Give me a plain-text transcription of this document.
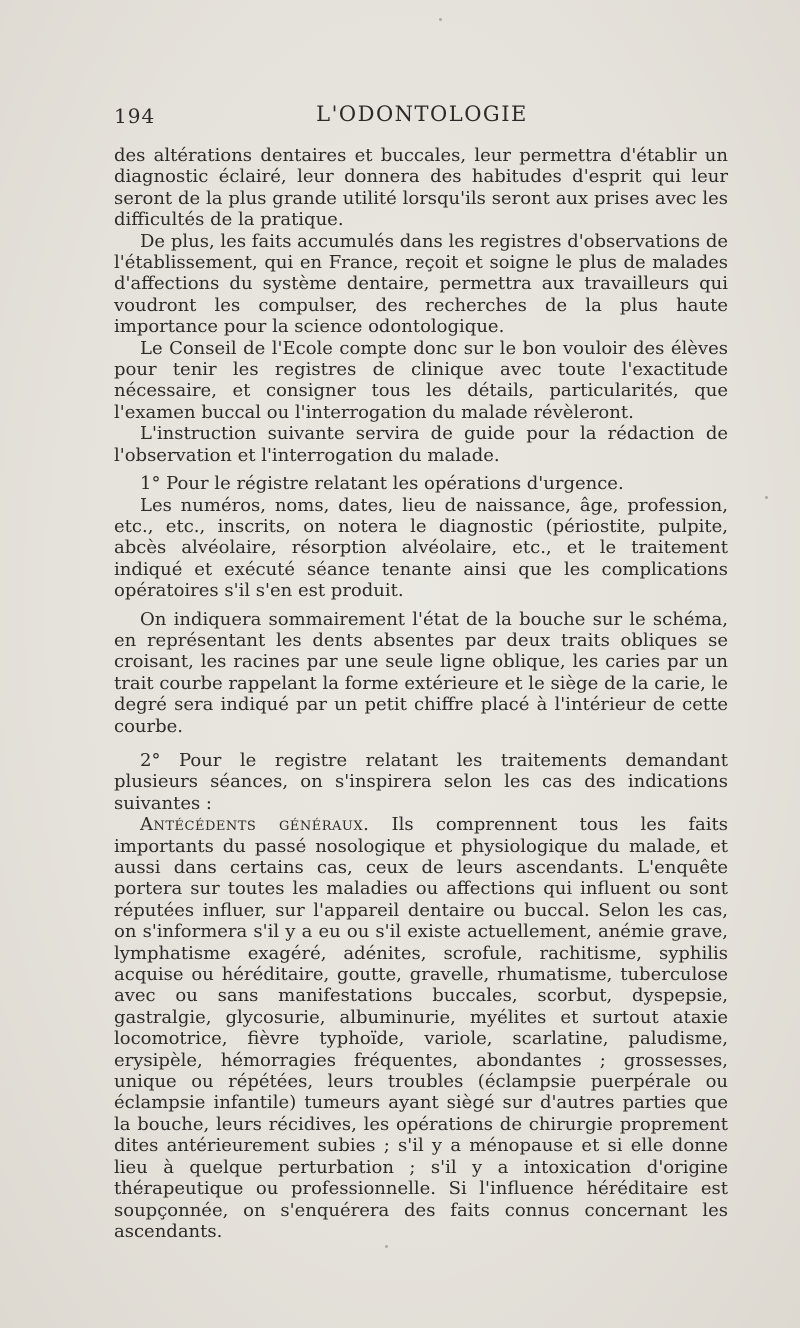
194	L'ODONTOLOGIE

des altérations dentaires et buccales, leur permettra d'établir un diagnostic éclairé, leur donnera des habitudes d'esprit qui leur seront de la plus grande utilité lorsqu'ils seront aux prises avec les difficultés de la pratique.

De plus, les faits accumulés dans les registres d'observations de l'établissement, qui en France, reçoit et soigne le plus de malades d'affections du système dentaire, permettra aux travailleurs qui voudront les compulser, des recherches de la plus haute importance pour la science odontologique.

Le Conseil de l'Ecole compte donc sur le bon vouloir des élèves pour tenir les registres de clinique avec toute l'exactitude nécessaire, et consigner tous les détails, particularités, que l'examen buccal ou l'interrogation du malade révèleront.

L'instruction suivante servira de guide pour la rédaction de l'observation et l'interrogation du malade.

1° Pour le régistre relatant les opérations d'urgence.

Les numéros, noms, dates, lieu de naissance, âge, profession, etc., etc., inscrits, on notera le diagnostic (périostite, pulpite, abcès alvéolaire, résorption alvéolaire, etc., et le traitement indiqué et exécuté séance tenante ainsi que les complications opératoires s'il s'en est produit.

On indiquera sommairement l'état de la bouche sur le schéma, en représentant les dents absentes par deux traits obliques se croisant, les racines par une seule ligne oblique, les caries par un trait courbe rappelant la forme extérieure et le siège de la carie, le degré sera indiqué par un petit chiffre placé à l'intérieur de cette courbe.

2° Pour le registre relatant les traitements demandant plusieurs séances, on s'inspirera selon les cas des indications suivantes :

Antécédents généraux. Ils comprennent tous les faits importants du passé nosologique et physiologique du malade, et aussi dans certains cas, ceux de leurs ascendants. L'enquête portera sur toutes les maladies ou affections qui influent ou sont réputées influer, sur l'appareil dentaire ou buccal. Selon les cas, on s'informera s'il y a eu ou s'il existe actuellement, anémie grave, lymphatisme exagéré, adénites, scrofule, rachitisme, syphilis acquise ou héréditaire, goutte, gravelle, rhumatisme, tuberculose avec ou sans manifestations buccales, scorbut, dyspepsie, gastralgie, glycosurie, albuminurie, myélites et surtout ataxie locomotrice, fièvre typhoïde, variole, scarlatine, paludisme, erysipèle, hémorragies fréquentes, abondantes ; grossesses, unique ou répétées, leurs troubles (éclampsie puerpérale ou éclampsie infantile) tumeurs ayant siègé sur d'autres parties que la bouche, leurs récidives, les opérations de chirurgie proprement dites antérieurement subies ; s'il y a ménopause et si elle donne lieu à quelque perturbation ; s'il y a intoxication d'origine thérapeutique ou professionnelle. Si l'influence héréditaire est soupçonnée, on s'enquérera des faits connus concernant les ascendants.
